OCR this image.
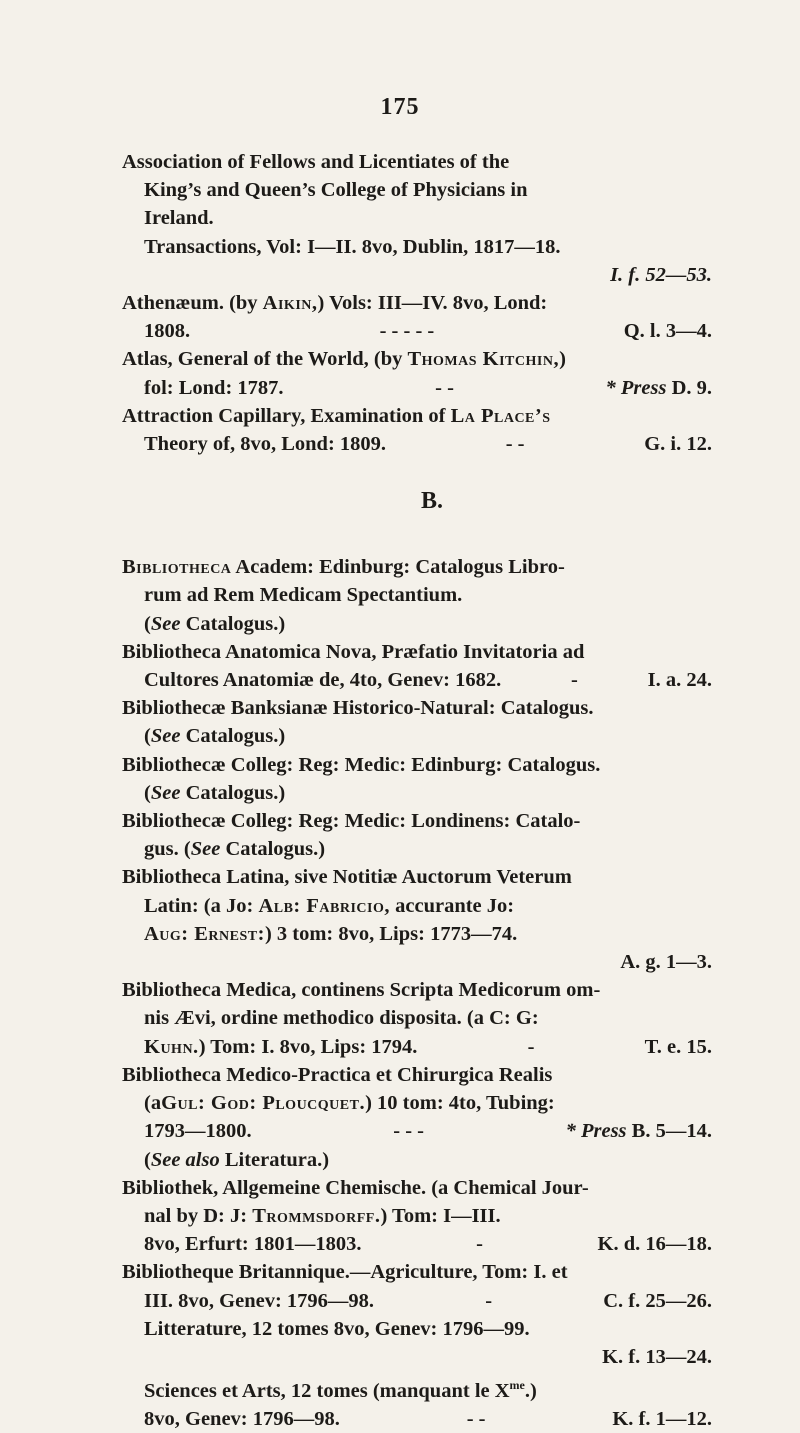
175
Association of Fellows and Licentiates of the
King’s and Queen’s College of Physicians in
Ireland.
Transactions, Vol: I—II. 8vo, Dublin, 1817—18.
I. f. 52—53.
Athenæum. (by Aikin,) Vols: III—IV. 8vo, Lond:
1808.	- - - - -	Q. l. 3—4.
Atlas, General of the World, (by Thomas Kitchin,)
fol: Lond: 1787.	- -	* Press D. 9.
Attraction Capillary, Examination of La Place’s
Theory of, 8vo, Lond: 1809.	- -	G. i. 12.
B.
Bibliotheca Academ: Edinburg: Catalogus Libro-
rum ad Rem Medicam Spectantium.
(See Catalogus.)
Bibliotheca Anatomica Nova, Præfatio Invitatoria ad
Cultores Anatomiæ de, 4to, Genev: 1682.	-	I. a. 24.
Bibliothecæ Banksianæ Historico-Natural: Catalogus.
(See Catalogus.)
Bibliothecæ Colleg: Reg: Medic: Edinburg: Catalogus.
(See Catalogus.)
Bibliothecæ Colleg: Reg: Medic: Londinens: Catalo-
gus. (See Catalogus.)
Bibliotheca Latina, sive Notitiæ Auctorum Veterum
Latin: (a Jo: Alb: Fabricio, accurante Jo:
Aug: Ernest:) 3 tom: 8vo, Lips: 1773—74.
A. g. 1—3.
Bibliotheca Medica, continens Scripta Medicorum om-
nis Ævi, ordine methodico disposita. (a C: G:
Kuhn.) Tom: I. 8vo, Lips: 1794.	-	T. e. 15.
Bibliotheca Medico-Practica et Chirurgica Realis
(aGul: God: Ploucquet.) 10 tom: 4to, Tubing:
1793—1800.	- - -	* Press B. 5—14.
(See also Literatura.)
Bibliothek, Allgemeine Chemische. (a Chemical Jour-
nal by D: J: Trommsdorff.) Tom: I—III.
8vo, Erfurt: 1801—1803.	-	K. d. 16—18.
Bibliotheque Britannique.—Agriculture, Tom: I. et
III. 8vo, Genev: 1796—98.	-	C. f. 25—26.
Litterature, 12 tomes 8vo, Genev: 1796—99.
K. f. 13—24.
Sciences et Arts, 12 tomes (manquant le $X^{me}$.)
8vo, Genev: 1796—98.	- -	K. f. 1—12.
